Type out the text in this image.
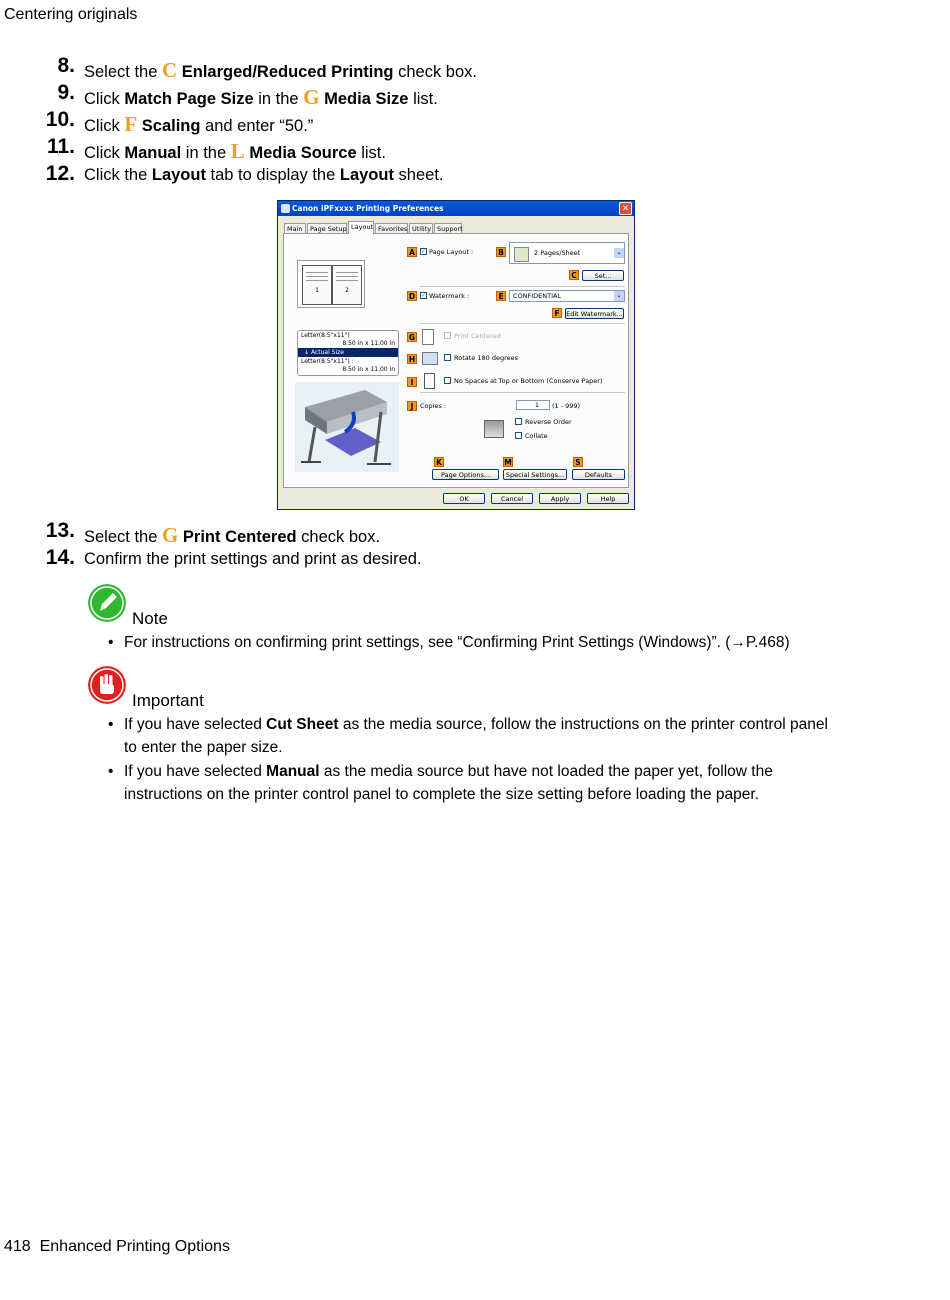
Centering originals
8. Select the C Enlarged/Reduced Printing check box.
9. Click Match Page Size in the G Media Size list.
10. Click F Scaling and enter “50.”
11. Click Manual in the L Media Source list.
12. Click the Layout tab to display the Layout sheet.
Canon iPFxxxx Printing Preferences	✕
Main	Page Setup Layout Favorites Utility Support
1	2
Letter(8.5"x11")
8.50 in x 11.00 in
↓ Actual Size
Letter(8.5"x11") :
8.50 in x 11.00 in
A	✓ Page Layout :	B	2 Pages/Sheet	⌄
C	Set...
D ✓ Watermark :	E	CONFIDENTIAL	⌄
F	Edit Watermark...
G	Print Centered
H	Rotate 180 degrees
I	No Spaces at Top or Bottom (Conserve Paper)
J	Copies :	1	(1 - 999)
Reverse Order
Collate
K	M	S
Page Options...	Special Settings...	Defaults
OK	Cancel	Apply	Help
13. Select the G Print Centered check box.
14. Confirm the print settings and print as desired.
Note
• For instructions on confirming print settings, see “Confirming Print Settings (Windows)”. (→P.468)
Important
• If you have selected Cut Sheet as the media source, follow the instructions on the printer control panel to enter the paper size.
• If you have selected Manual as the media source but have not loaded the paper yet, follow the instructions on the printer control panel to complete the size setting before loading the paper.
418 Enhanced Printing Options
